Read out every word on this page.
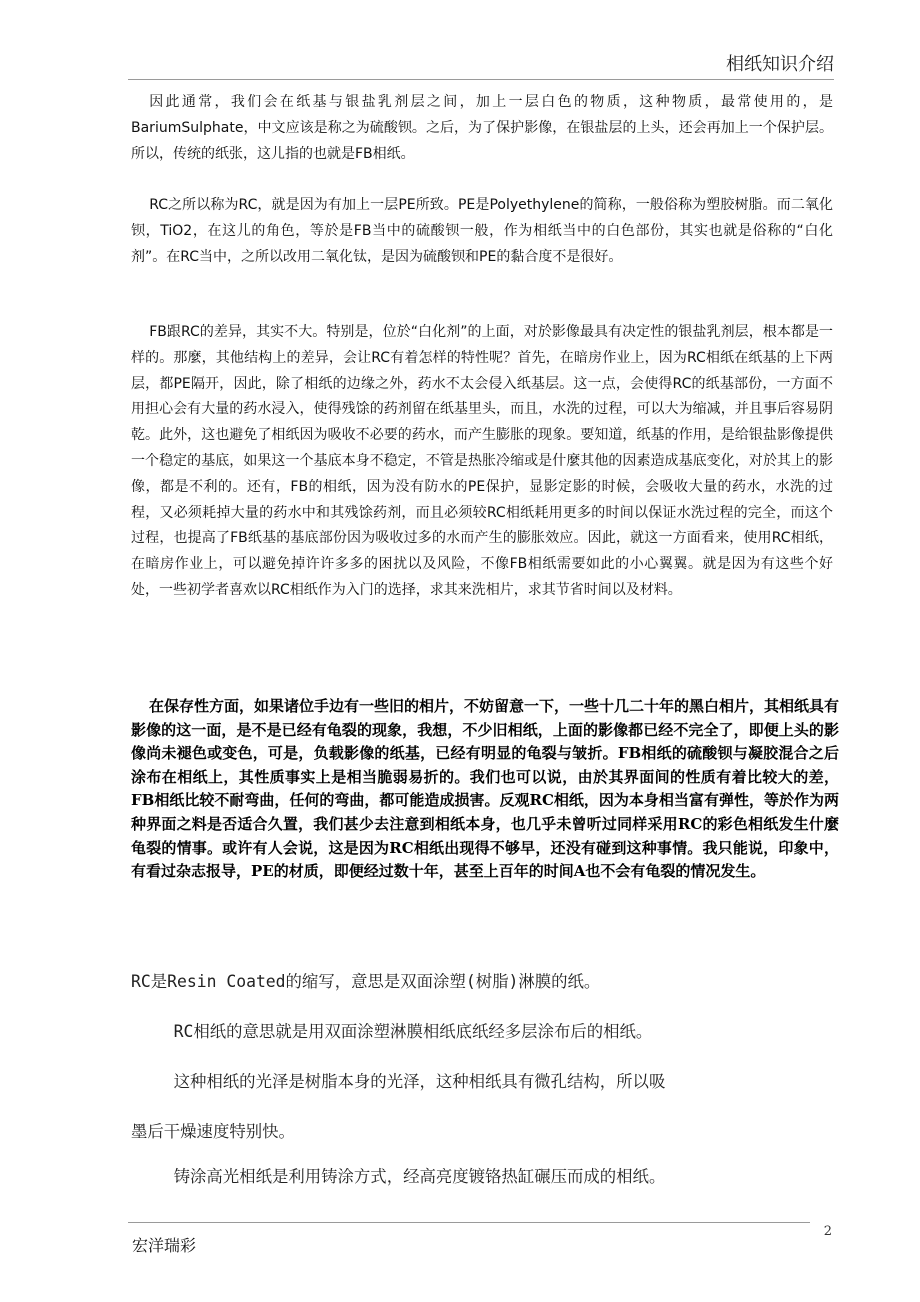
相纸知识介绍

因此通常，我们会在纸基与银盐乳剂层之间，加上一层白色的物质，这种物质，最常使用的，是BariumSulphate，中文应该是称之为硫酸钡。之后，为了保护影像，在银盐层的上头，还会再加上一个保护层。所以，传统的纸张，这儿指的也就是FB相纸。

RC之所以称为RC，就是因为有加上一层PE所致。PE是Polyethylene的简称，一般俗称为塑胶树脂。而二氧化钡，TiO2，在这儿的角色，等於是FB当中的硫酸钡一般，作为相纸当中的白色部份，其实也就是俗称的“白化剂”。在RC当中，之所以改用二氧化钛，是因为硫酸钡和PE的黏合度不是很好。

FB跟RC的差异，其实不大。特别是，位於“白化剂”的上面，对於影像最具有决定性的银盐乳剂层，根本都是一样的。那麼，其他结构上的差异，会让RC有着怎样的特性呢？首先，在暗房作业上，因为RC相纸在纸基的上下两层，都PE隔开，因此，除了相纸的边缘之外，药水不太会侵入纸基层。这一点，会使得RC的纸基部份，一方面不用担心会有大量的药水浸入，使得残馀的药剂留在纸基里头，而且，水洗的过程，可以大为缩减，并且事后容易阴乾。此外，这也避免了相纸因为吸收不必要的药水，而产生膨胀的现象。要知道，纸基的作用，是给银盐影像提供一个稳定的基底，如果这一个基底本身不稳定，不管是热胀冷缩或是什麼其他的因素造成基底变化，对於其上的影像，都是不利的。还有，FB的相纸，因为没有防水的PE保护，显影定影的时候，会吸收大量的药水，水洗的过程，又必须耗掉大量的药水中和其残馀药剂，而且必须较RC相纸耗用更多的时间以保证水洗过程的完全，而这个过程，也提高了FB纸基的基底部份因为吸收过多的水而产生的膨胀效应。因此，就这一方面看来，使用RC相纸，在暗房作业上，可以避免掉许许多多的困扰以及风险，不像FB相纸需要如此的小心翼翼。就是因为有这些个好处，一些初学者喜欢以RC相纸作为入门的选择，求其来洗相片，求其节省时间以及材料。

在保存性方面，如果诸位手边有一些旧的相片，不妨留意一下，一些十几二十年的黑白相片，其相纸具有影像的这一面，是不是已经有龟裂的现象，我想，不少旧相纸，上面的影像都已经不完全了，即便上头的影像尚未褪色或变色，可是，负载影像的纸基，已经有明显的龟裂与皱折。FB相纸的硫酸钡与凝胶混合之后涂布在相纸上，其性质事实上是相当脆弱易折的。我们也可以说，由於其界面间的性质有着比较大的差，FB相纸比较不耐弯曲，任何的弯曲，都可能造成损害。反观RC相纸，因为本身相当富有弹性，等於作为两种界面之料是否适合久置，我们甚少去注意到相纸本身，也几乎未曾听过同样采用RC的彩色相纸发生什麼龟裂的情事。或许有人会说，这是因为RC相纸出现得不够早，还没有碰到这种事情。我只能说，印象中，有看过杂志报导，PE的材质，即便经过数十年，甚至上百年的时间A也不会有龟裂的情况发生。

RC是Resin Coated的缩写，意思是双面涂塑(树脂)淋膜的纸。

RC相纸的意思就是用双面涂塑淋膜相纸底纸经多层涂布后的相纸。

这种相纸的光泽是树脂本身的光泽，这种相纸具有微孔结构，所以吸

墨后干燥速度特别快。

铸涂高光相纸是利用铸涂方式，经高亮度镀铬热缸碾压而成的相纸。

宏洋瑞彩
2
